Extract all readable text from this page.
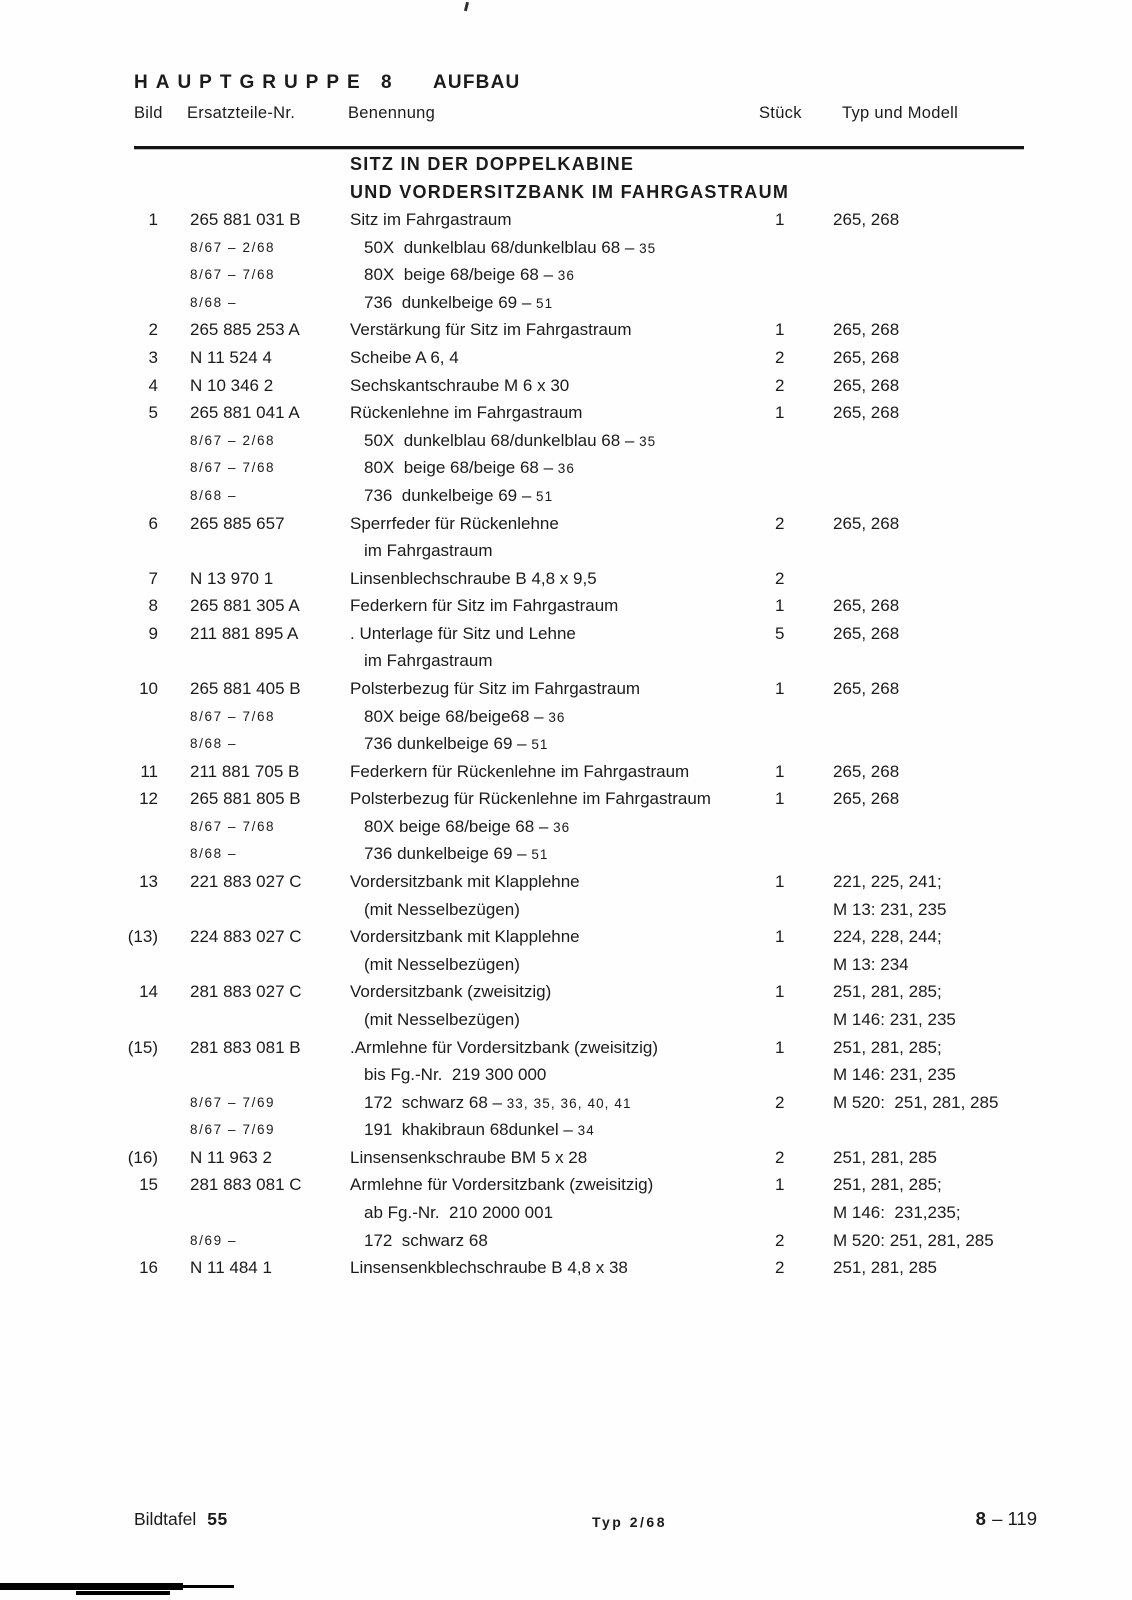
HAUPTGRUPPE 8 AUFBAU
Bild Ersatzteile-Nr.	Benennung	Stück Typ und Modell
SITZ IN DER DOPPELKABINE
UND VORDERSITZBANK IM FAHRGASTRAUM
1 265 881 031 B	Sitz im Fahrgastraum	1	265, 268
8/67 – 2/68	50X  dunkelblau 68/dunkelblau 68 – 35
8/67 – 7/68	80X  beige 68/beige 68 – 36
8/68 –	736  dunkelbeige 69 – 51
2 265 885 253 A	Verstärkung für Sitz im Fahrgastraum	1	265, 268
3 N 11 524 4	Scheibe A 6, 4	2	265, 268
4 N 10 346 2	Sechskantschraube M 6 x 30	2	265, 268
5 265 881 041 A	Rückenlehne im Fahrgastraum	1	265, 268
8/67 – 2/68	50X  dunkelblau 68/dunkelblau 68 – 35
8/67 – 7/68	80X  beige 68/beige 68 – 36
8/68 –	736  dunkelbeige 69 – 51
6 265 885 657	Sperrfeder für Rückenlehne	2	265, 268
im Fahrgastraum
7 N 13 970 1	Linsenblechschraube B 4,8 x 9,5	2
8 265 881 305 A	Federkern für Sitz im Fahrgastraum	1	265, 268
9 211 881 895 A	. Unterlage für Sitz und Lehne	5	265, 268
im Fahrgastraum
10 265 881 405 B	Polsterbezug für Sitz im Fahrgastraum	1	265, 268
8/67 – 7/68	80X beige 68/beige68 – 36
8/68 –	736 dunkelbeige 69 – 51
11 211 881 705 B	Federkern für Rückenlehne im Fahrgastraum	1	265, 268
12 265 881 805 B	Polsterbezug für Rückenlehne im Fahrgastraum	1	265, 268
8/67 – 7/68	80X beige 68/beige 68 – 36
8/68 –	736 dunkelbeige 69 – 51
13 221 883 027 C	Vordersitzbank mit Klapplehne	1	221, 225, 241;
(mit Nesselbezügen)	M 13: 231, 235
(13) 224 883 027 C	Vordersitzbank mit Klapplehne	1	224, 228, 244;
(mit Nesselbezügen)	M 13: 234
14 281 883 027 C	Vordersitzbank (zweisitzig)	1	251, 281, 285;
(mit Nesselbezügen)	M 146: 231, 235
(15) 281 883 081 B	.Armlehne für Vordersitzbank (zweisitzig)	1	251, 281, 285;
bis Fg.-Nr.  219 300 000	M 146: 231, 235
8/67 – 7/69	172  schwarz 68 – 33, 35, 36, 40, 41	2	M 520:  251, 281, 285
8/67 – 7/69	191  khakibraun 68dunkel – 34
(16) N 11 963 2	Linsensenkschraube BM 5 x 28	2	251, 281, 285
15 281 883 081 C	Armlehne für Vordersitzbank (zweisitzig)	1	251, 281, 285;
ab Fg.-Nr.  210 2000 001	M 146:  231,235;
8/69 –	172  schwarz 68	2	M 520: 251, 281, 285
16 N 11 484 1	Linsensenkblechschraube B 4,8 x 38	2	251, 281, 285
Bildtafel 55	Typ 2/68	8 – 119
